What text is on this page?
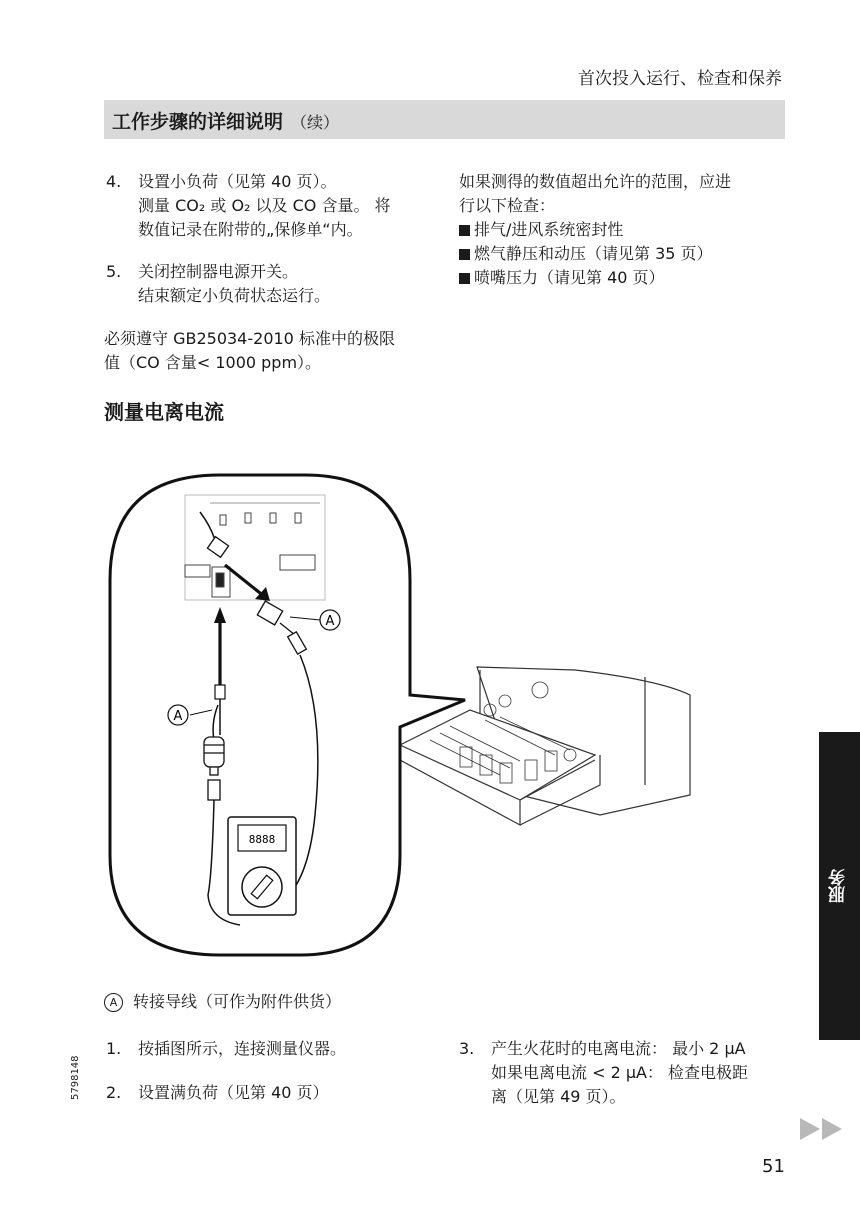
首次投入运行、检查和保养
工作步骤的详细说明 （续）
4. 设置小负荷（见第 40 页）。
测量 CO₂ 或 O₂ 以及 CO 含量。 将
数值记录在附带的„保修单“内。
5. 关闭控制器电源开关。
结束额定小负荷状态运行。
必须遵守 GB25034-2010 标准中的极限
值（CO 含量< 1000 ppm）。
如果测得的数值超出允许的范围，应进
行以下检查：
排气/进风系统密封性
燃气静压和动压（请见第 35 页）
喷嘴压力（请见第 40 页）
测量电离电流
A
A
8888
A 转接导线（可作为附件供货）
1. 按插图所示，连接测量仪器。
2. 设置满负荷（见第 40 页）
3. 产生火花时的电离电流： 最小 2 μA
如果电离电流 < 2 μA： 检查电极距
离（见第 49 页）。
服务
5798148
51
